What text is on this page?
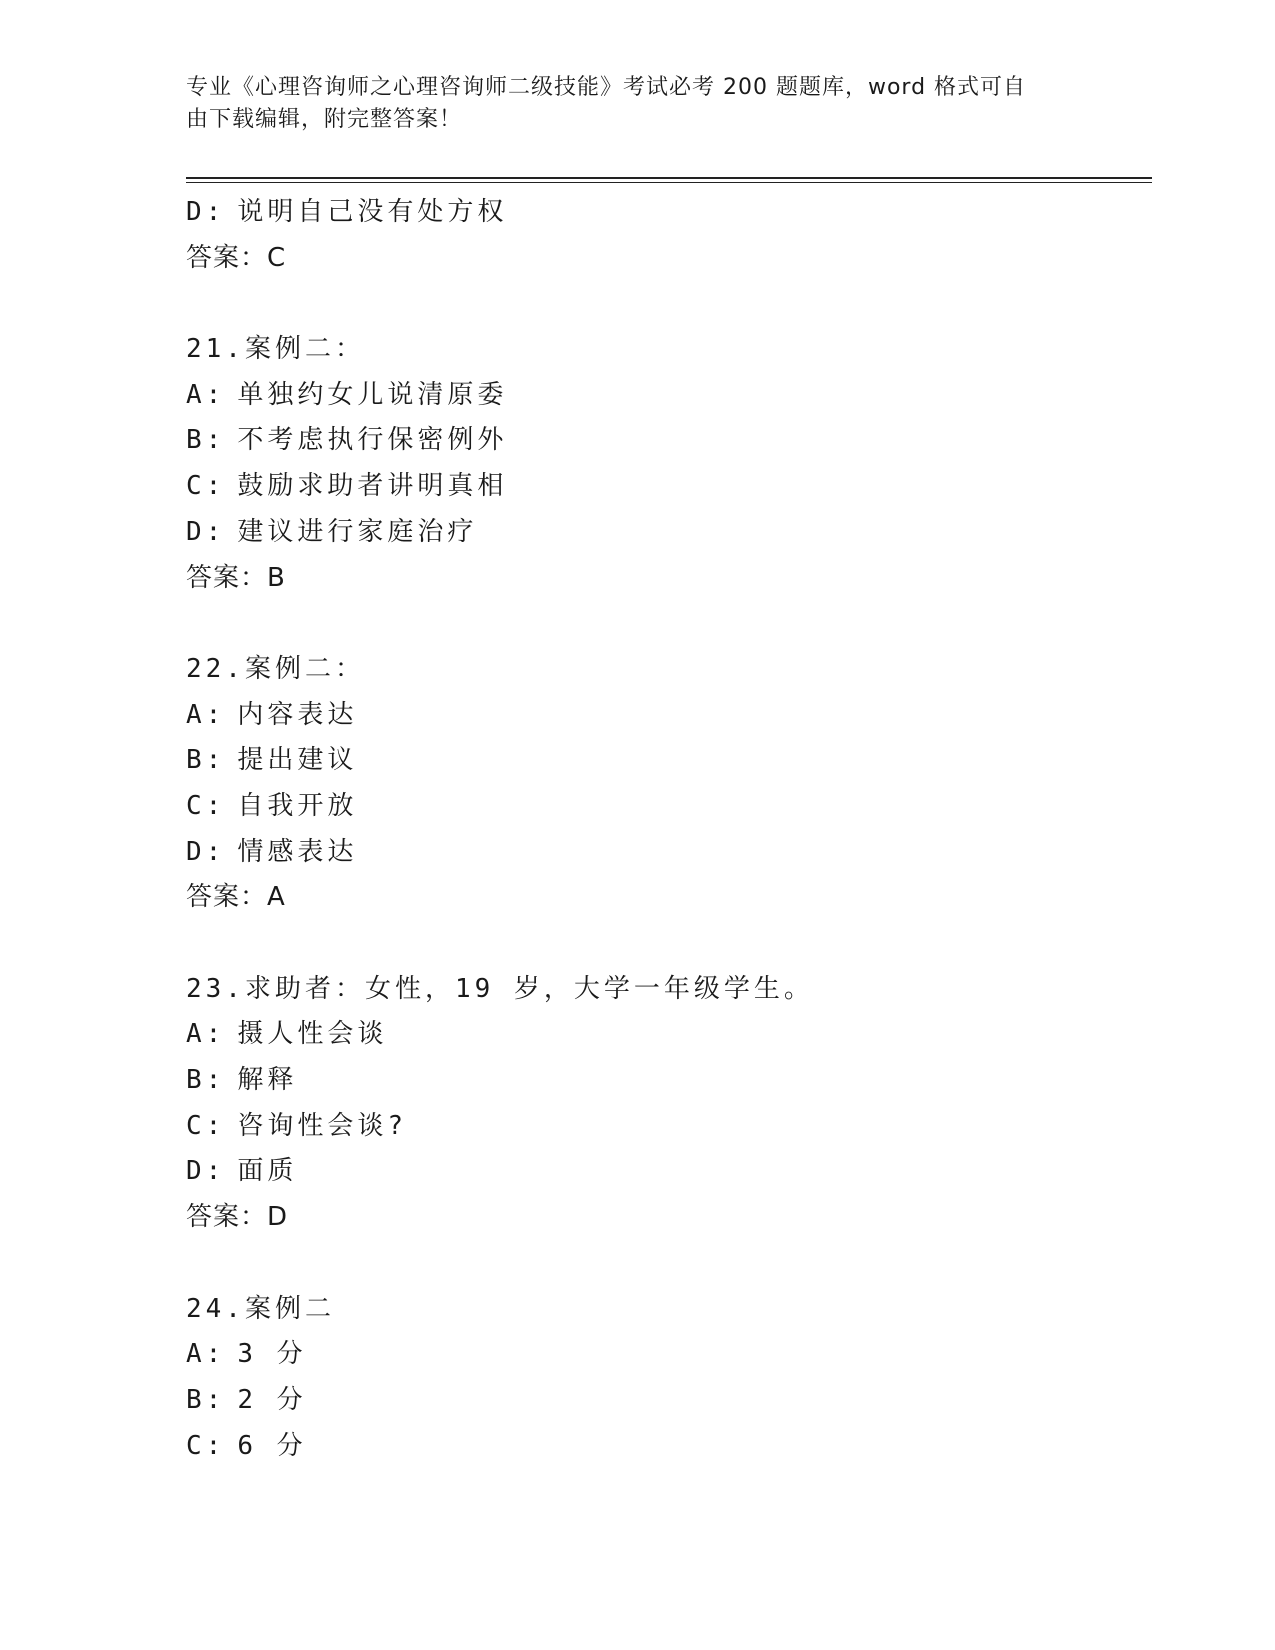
专业《心理咨询师之心理咨询师二级技能》考试必考 200 题题库，word 格式可自
由下载编辑，附完整答案！
D: 说明自己没有处方权
答案：C
21.案例二：
A: 单独约女儿说清原委
B: 不考虑执行保密例外
C: 鼓励求助者讲明真相
D: 建议进行家庭治疗
答案：B
22.案例二：
A: 内容表达
B: 提出建议
C: 自我开放
D: 情感表达
答案：A
23.求助者：女性，19 岁，大学一年级学生。
A: 摄人性会谈
B: 解释
C: 咨询性会谈?
D: 面质
答案：D
24.案例二
A: 3 分
B: 2 分
C: 6 分
